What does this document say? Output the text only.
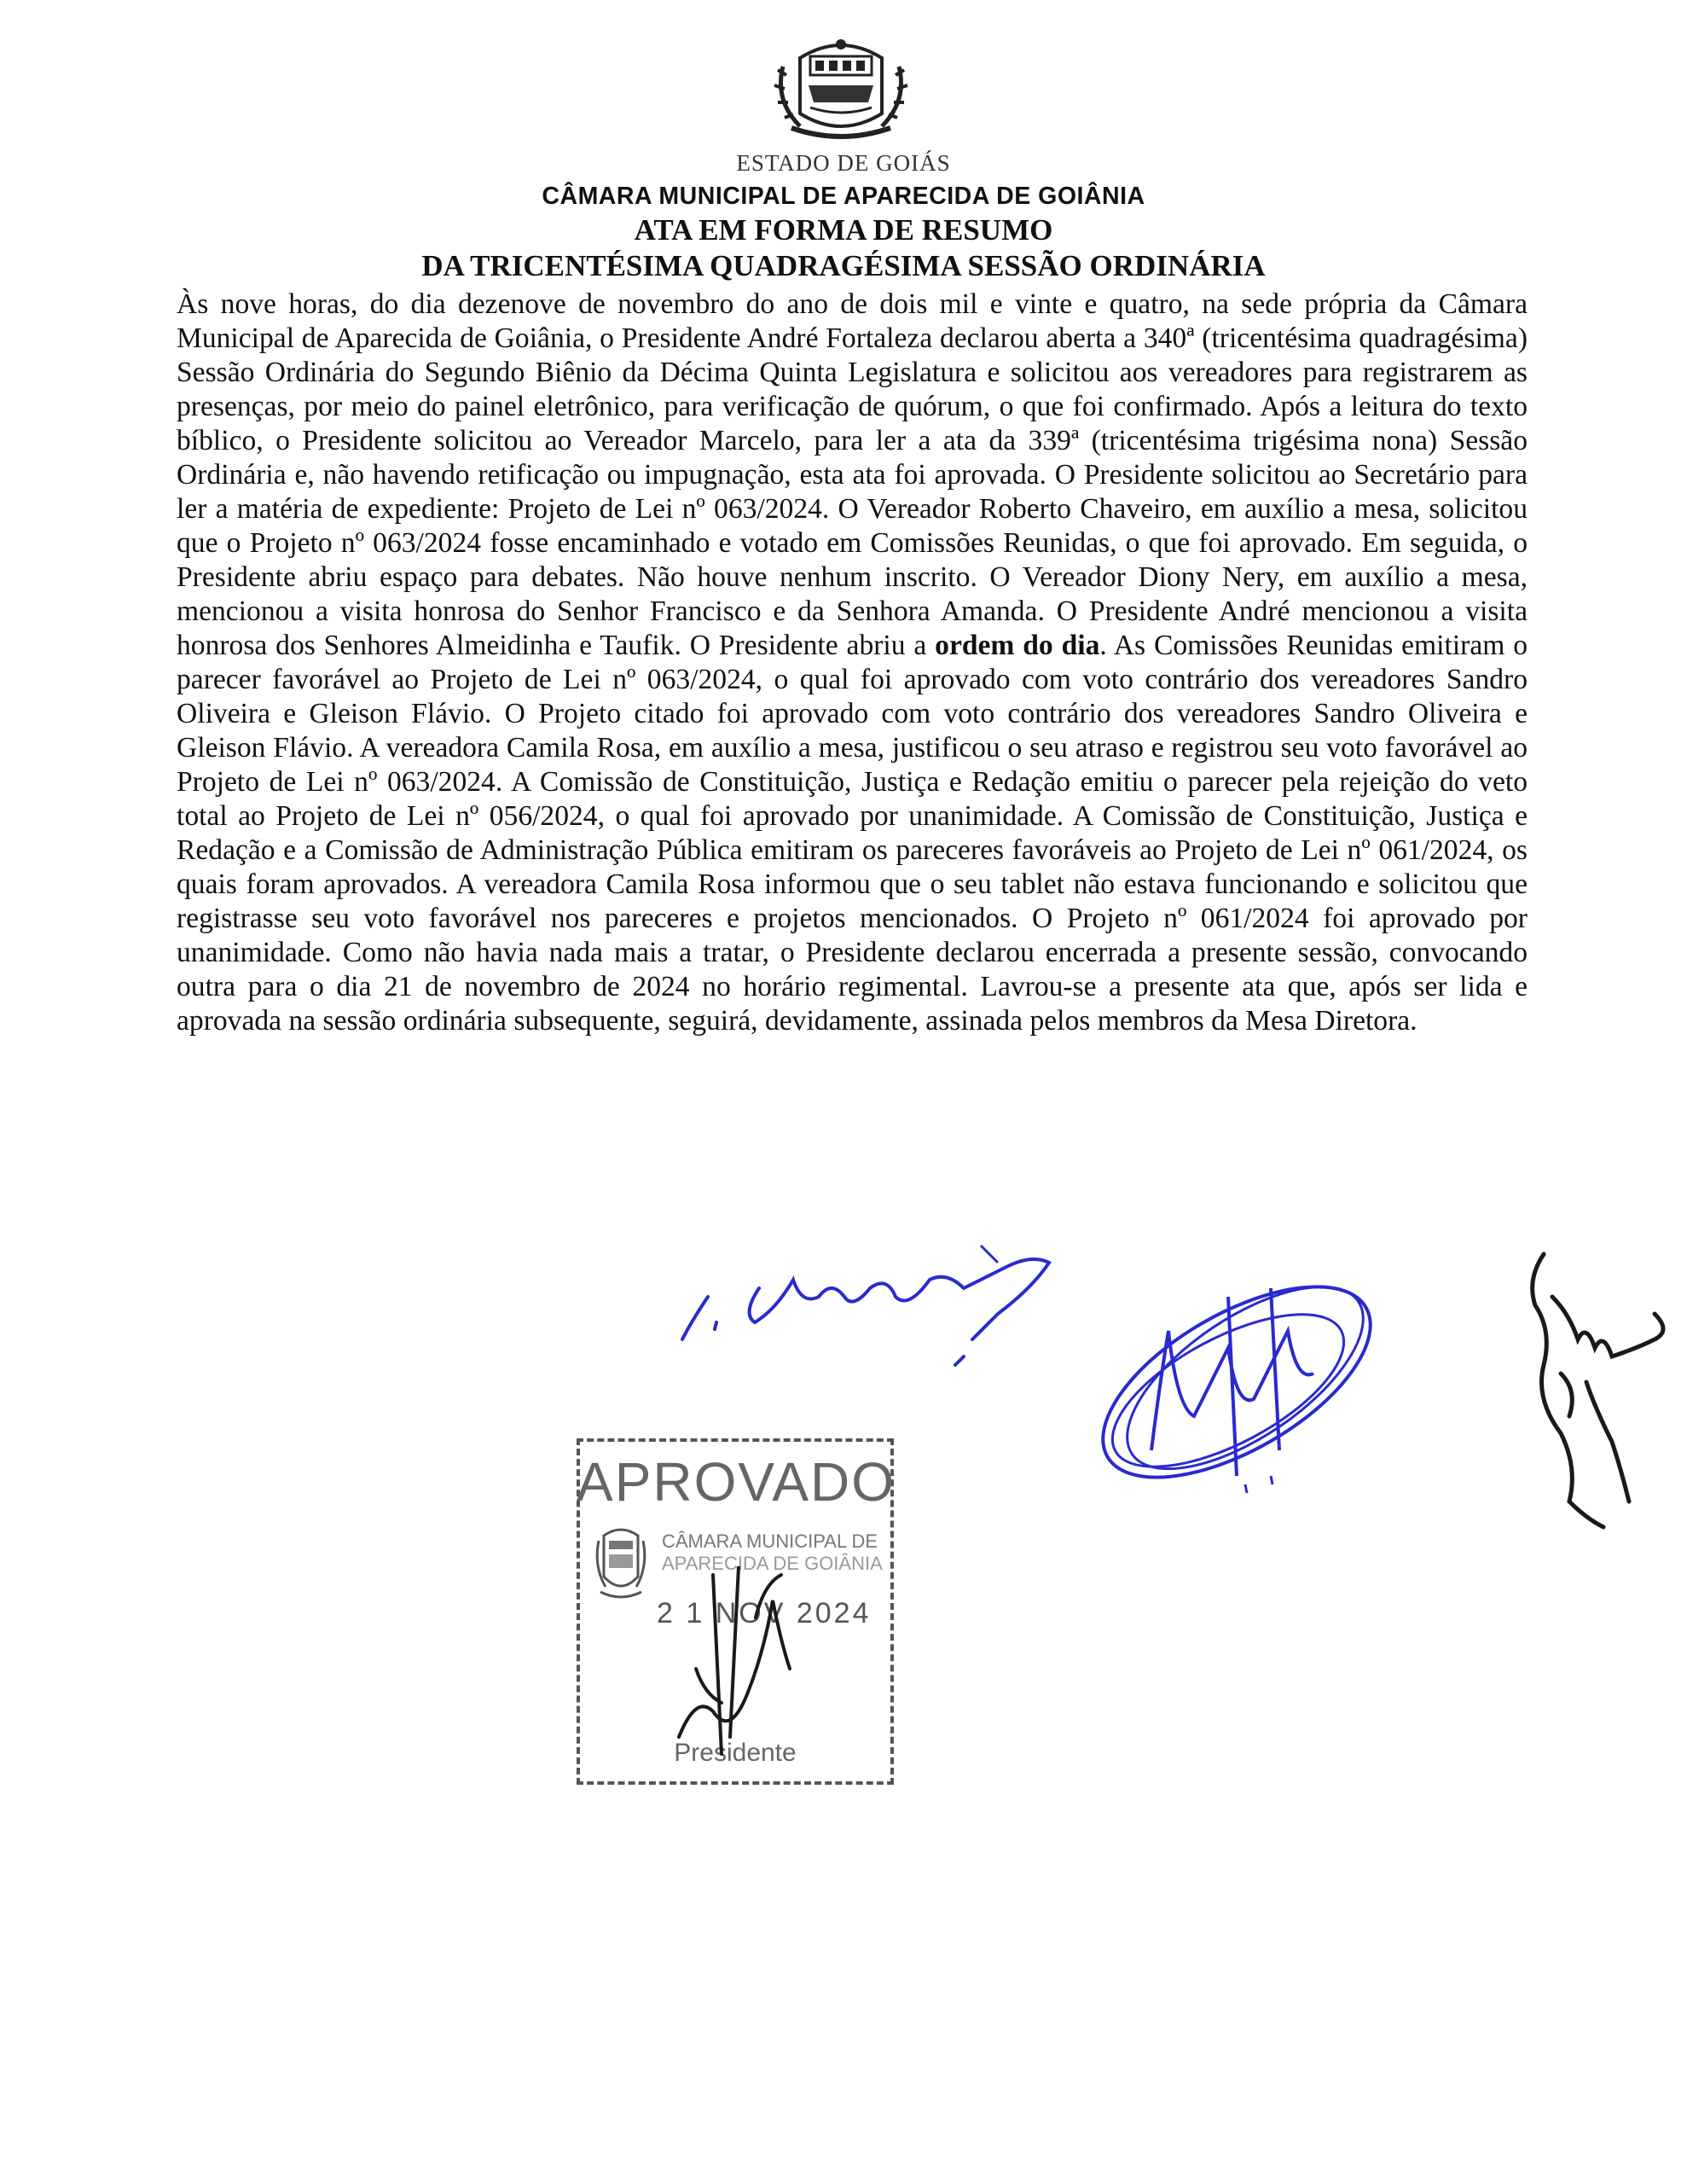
ESTADO DE GOIÁS
CÂMARA MUNICIPAL DE APARECIDA DE GOIÂNIA
ATA EM FORMA DE RESUMO
DA TRICENTÉSIMA QUADRAGÉSIMA SESSÃO ORDINÁRIA

Às nove horas, do dia dezenove de novembro do ano de dois mil e vinte e quatro, na sede própria da Câmara Municipal de Aparecida de Goiânia, o Presidente André Fortaleza declarou aberta a 340ª (tricentésima quadragésima) Sessão Ordinária do Segundo Biênio da Décima Quinta Legislatura e solicitou aos vereadores para registrarem as presenças, por meio do painel eletrônico, para verificação de quórum, o que foi confirmado. Após a leitura do texto bíblico, o Presidente solicitou ao Vereador Marcelo, para ler a ata da 339ª (tricentésima trigésima nona) Sessão Ordinária e, não havendo retificação ou impugnação, esta ata foi aprovada. O Presidente solicitou ao Secretário para ler a matéria de expediente: Projeto de Lei nº 063/2024. O Vereador Roberto Chaveiro, em auxílio a mesa, solicitou que o Projeto nº 063/2024 fosse encaminhado e votado em Comissões Reunidas, o que foi aprovado. Em seguida, o Presidente abriu espaço para debates. Não houve nenhum inscrito. O Vereador Diony Nery, em auxílio a mesa, mencionou a visita honrosa do Senhor Francisco e da Senhora Amanda. O Presidente André mencionou a visita honrosa dos Senhores Almeidinha e Taufik. O Presidente abriu a ordem do dia. As Comissões Reunidas emitiram o parecer favorável ao Projeto de Lei nº 063/2024, o qual foi aprovado com voto contrário dos vereadores Sandro Oliveira e Gleison Flávio. O Projeto citado foi aprovado com voto contrário dos vereadores Sandro Oliveira e Gleison Flávio. A vereadora Camila Rosa, em auxílio a mesa, justificou o seu atraso e registrou seu voto favorável ao Projeto de Lei nº 063/2024. A Comissão de Constituição, Justiça e Redação emitiu o parecer pela rejeição do veto total ao Projeto de Lei nº 056/2024, o qual foi aprovado por unanimidade. A Comissão de Constituição, Justiça e Redação e a Comissão de Administração Pública emitiram os pareceres favoráveis ao Projeto de Lei nº 061/2024, os quais foram aprovados. A vereadora Camila Rosa informou que o seu tablet não estava funcionando e solicitou que registrasse seu voto favorável nos pareceres e projetos mencionados. O Projeto nº 061/2024 foi aprovado por unanimidade. Como não havia nada mais a tratar, o Presidente declarou encerrada a presente sessão, convocando outra para o dia 21 de novembro de 2024 no horário regimental. Lavrou-se a presente ata que, após ser lida e aprovada na sessão ordinária subsequente, seguirá, devidamente, assinada pelos membros da Mesa Diretora.

APROVADO
CÂMARA MUNICIPAL DE
APARECIDA DE GOIÂNIA
2 1 NOV 2024
Presidente
